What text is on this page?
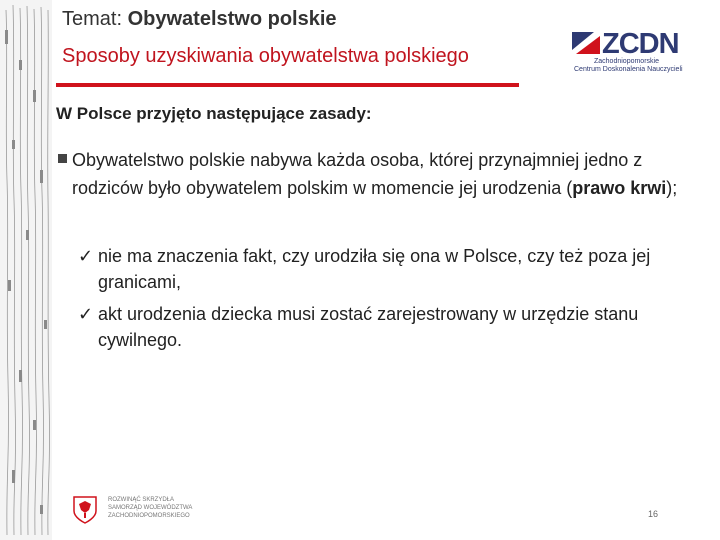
Temat: Obywatelstwo polskie
Sposoby uzyskiwania obywatelstwa polskiego	ZCDN
Zachodniopomorskie
Centrum Doskonalenia Nauczycieli
W Polsce przyjęto następujące zasady:
Obywatelstwo polskie nabywa każda osoba, której przynajmniej jedno z rodziców było obywatelem polskim w momencie jej urodzenia (prawo krwi);
✓ nie ma znaczenia fakt, czy urodziła się ona w Polsce, czy też poza jej granicami,
✓ akt urodzenia dziecka musi zostać zarejestrowany w urzędzie stanu cywilnego.
ROZWINĄĆ SKRZYDŁA
SAMORZĄD WOJEWÓDZTWA
ZACHODNIOPOMORSKIEGO	16
